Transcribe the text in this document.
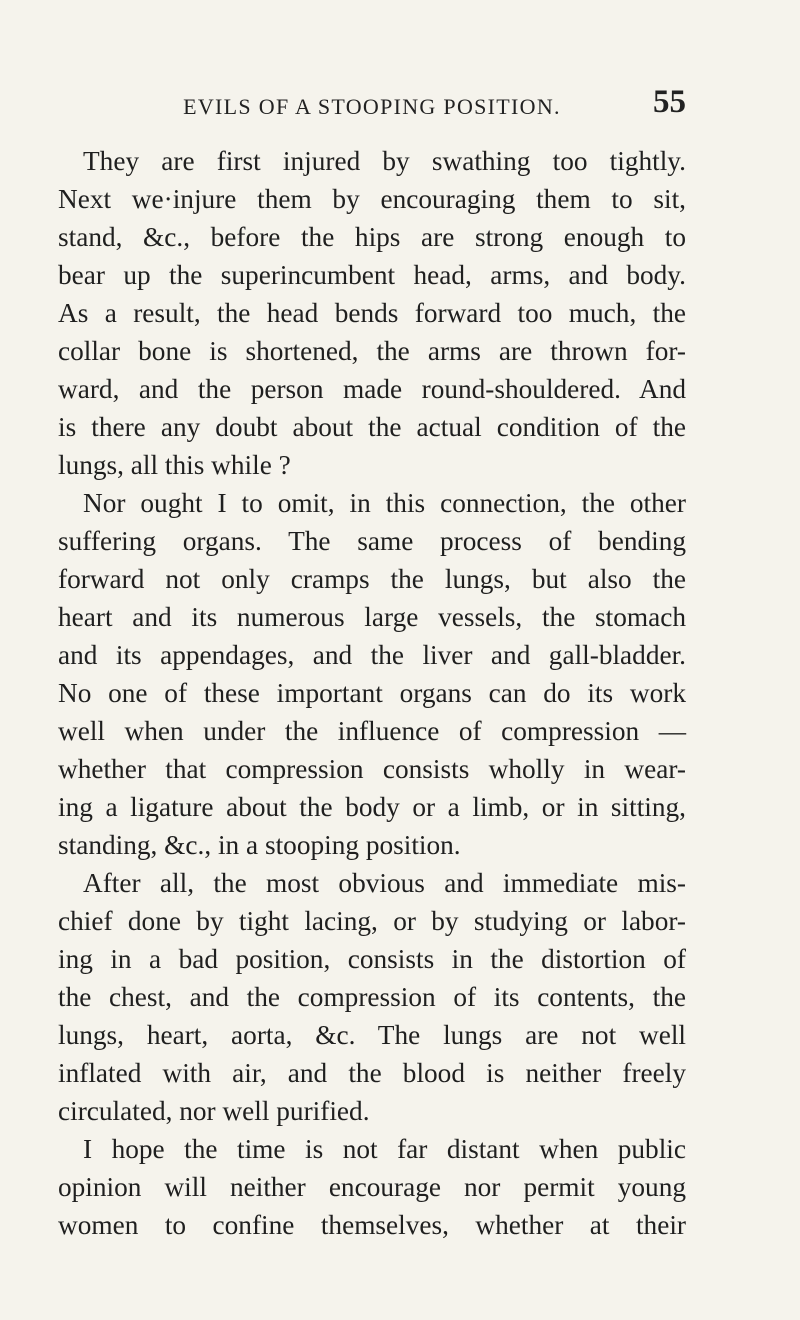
EVILS OF A STOOPING POSITION.	55
They are first injured by swathing too tightly.
Next we·injure them by encouraging them to sit,
stand, &c., before the hips are strong enough to
bear up the superincumbent head, arms, and body.
As a result, the head bends forward too much, the
collar bone is shortened, the arms are thrown for-
ward, and the person made round-shouldered. And
is there any doubt about the actual condition of the
lungs, all this while ?
Nor ought I to omit, in this connection, the other
suffering organs. The same process of bending
forward not only cramps the lungs, but also the
heart and its numerous large vessels, the stomach
and its appendages, and the liver and gall-bladder.
No one of these important organs can do its work
well when under the influence of compression —
whether that compression consists wholly in wear-
ing a ligature about the body or a limb, or in sitting,
standing, &c., in a stooping position.
After all, the most obvious and immediate mis-
chief done by tight lacing, or by studying or labor-
ing in a bad position, consists in the distortion of
the chest, and the compression of its contents, the
lungs, heart, aorta, &c. The lungs are not well
inflated with air, and the blood is neither freely
circulated, nor well purified.
I hope the time is not far distant when public
opinion will neither encourage nor permit young
women to confine themselves, whether at their
